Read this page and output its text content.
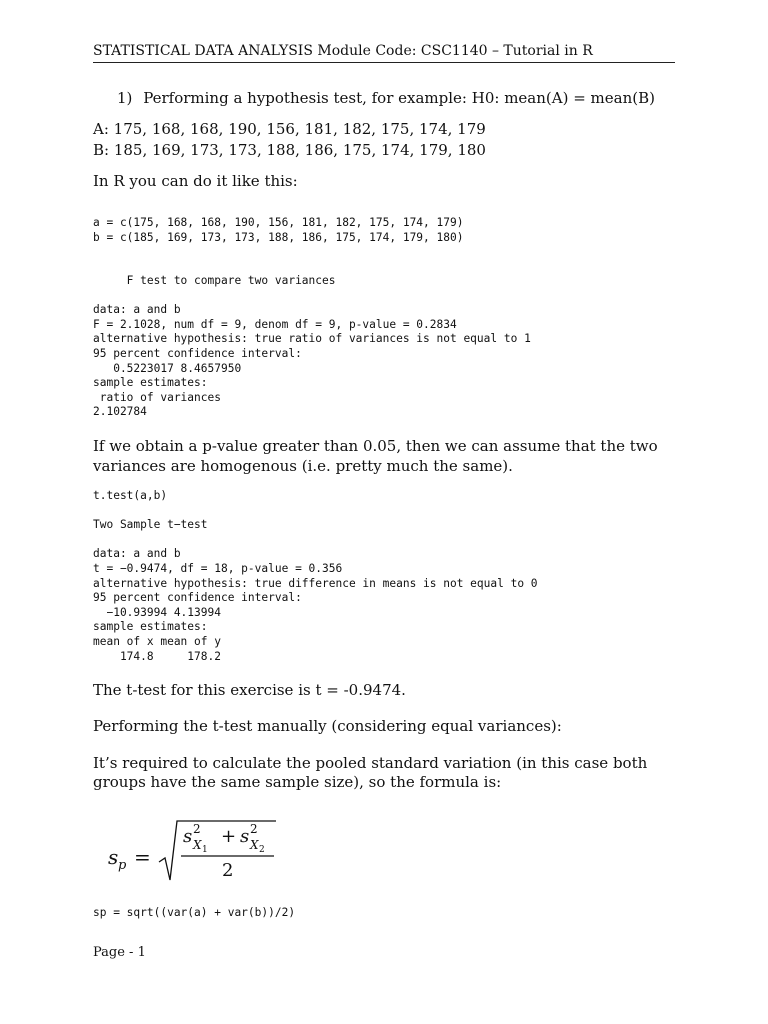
STATISTICAL DATA ANALYSIS Module Code: CSC1140 – Tutorial in R
1) Performing a hypothesis test, for example: H0: mean(A) = mean(B)
A: 175, 168, 168, 190, 156, 181, 182, 175, 174, 179
B: 185, 169, 173, 173, 188, 186, 175, 174, 179, 180
In R you can do it like this:
a = c(175, 168, 168, 190, 156, 181, 182, 175, 174, 179)
b = c(185, 169, 173, 173, 188, 186, 175, 174, 179, 180)
F test to compare two variances

data: a and b
F = 2.1028, num df = 9, denom df = 9, p-value = 0.2834
alternative hypothesis: true ratio of variances is not equal to 1
95 percent confidence interval:
0.5223017 8.4657950
sample estimates:
ratio of variances
2.102784
If we obtain a p-value greater than 0.05, then we can assume that the two
variances are homogenous (i.e. pretty much the same).
t.test(a,b)

Two Sample t−test

data: a and b
t = −0.9474, df = 18, p-value = 0.356
alternative hypothesis: true difference in means is not equal to 0
95 percent confidence interval:
−10.93994 4.13994
sample estimates:
mean of x mean of y
174.8     178.2
The t-test for this exercise is t = -0.9474.
Performing the t-test manually (considering equal variances):
It’s required to calculate the pooled standard variation (in this case both
groups have the same sample size), so the formula is:
s p =
s 2
X 1
+ s 2
X 2
2
sp = sqrt((var(a) + var(b))/2)
Page - 1
